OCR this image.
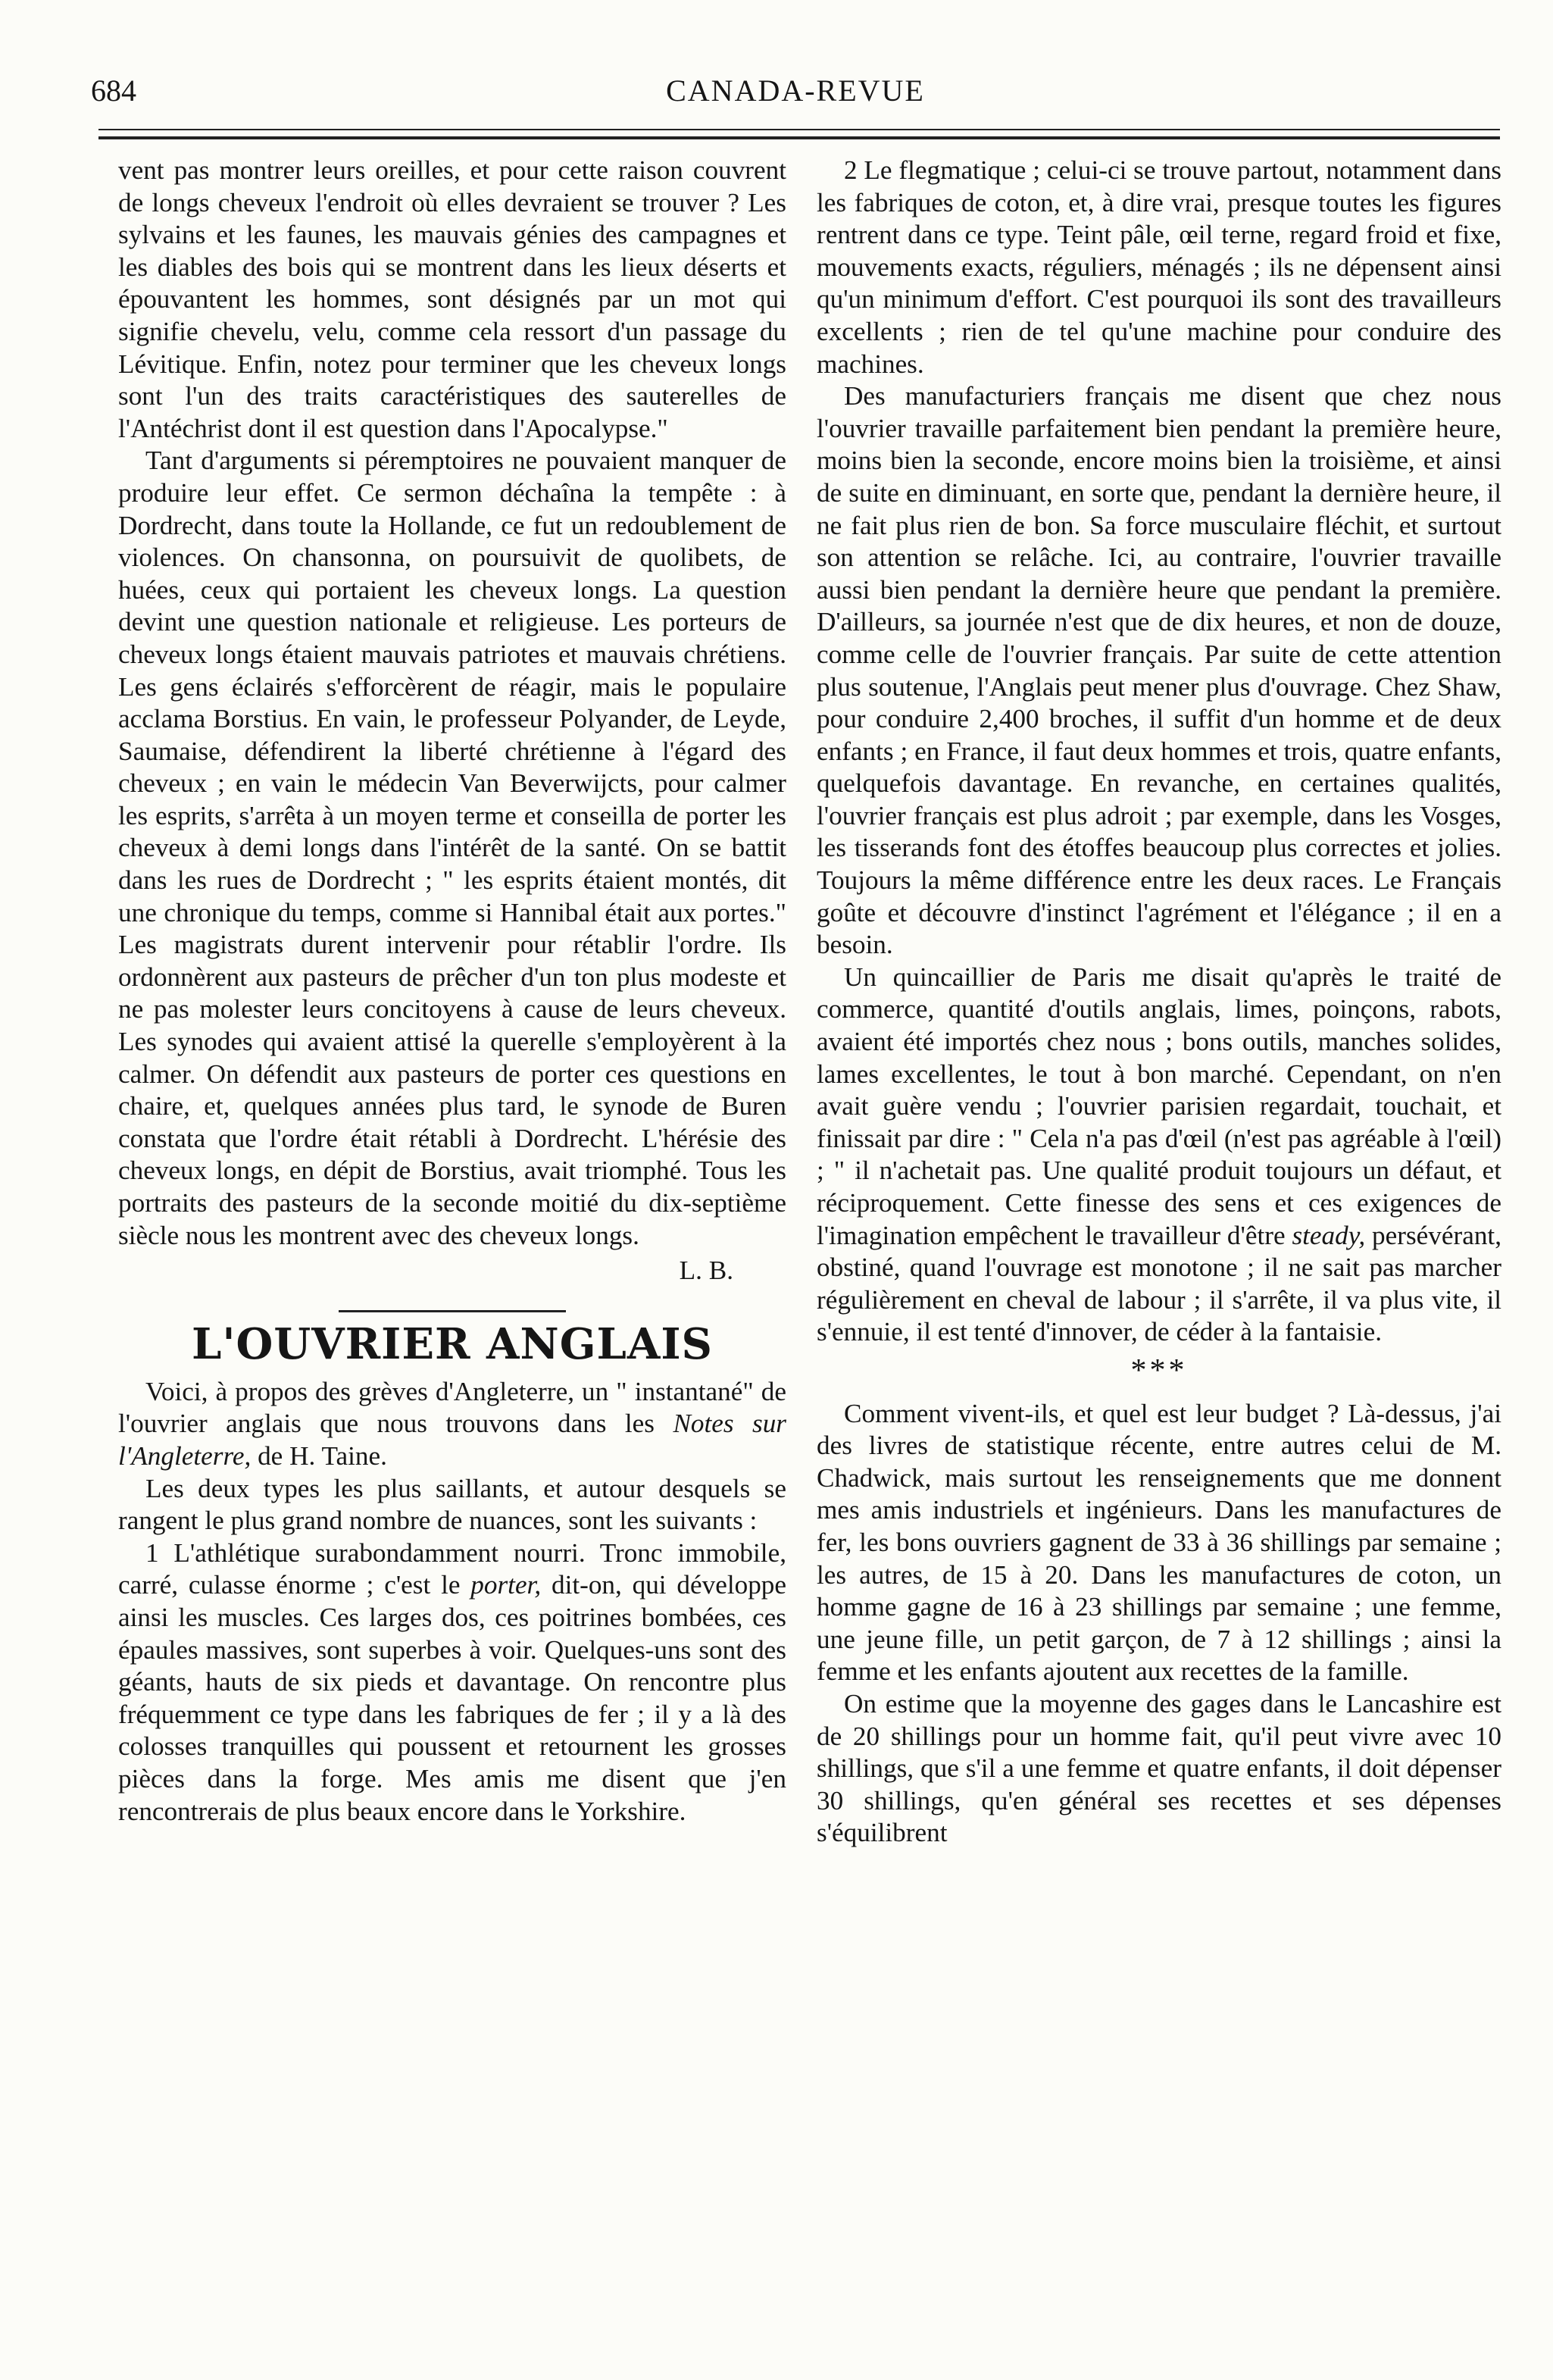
684	CANADA-REVUE

vent pas montrer leurs oreilles, et pour cette raison couvrent de longs cheveux l'endroit où elles devraient se trouver ? Les sylvains et les faunes, les mauvais génies des campagnes et les diables des bois qui se montrent dans les lieux déserts et épouvantent les hommes, sont désignés par un mot qui signifie chevelu, velu, comme cela ressort d'un passage du Lévitique. Enfin, notez pour terminer que les cheveux longs sont l'un des traits caractéristiques des sauterelles de l'Antéchrist dont il est question dans l'Apocalypse."

Tant d'arguments si péremptoires ne pouvaient manquer de produire leur effet. Ce sermon déchaîna la tempête : à Dordrecht, dans toute la Hollande, ce fut un redoublement de violences. On chansonna, on poursuivit de quolibets, de huées, ceux qui portaient les cheveux longs. La question devint une question nationale et religieuse. Les porteurs de cheveux longs étaient mauvais patriotes et mauvais chrétiens. Les gens éclairés s'efforcèrent de réagir, mais le populaire acclama Borstius. En vain, le professeur Polyander, de Leyde, Saumaise, défendirent la liberté chrétienne à l'égard des cheveux ; en vain le médecin Van Beverwijcts, pour calmer les esprits, s'arrêta à un moyen terme et conseilla de porter les cheveux à demi longs dans l'intérêt de la santé. On se battit dans les rues de Dordrecht ; " les esprits étaient montés, dit une chronique du temps, comme si Hannibal était aux portes." Les magistrats durent intervenir pour rétablir l'ordre. Ils ordonnèrent aux pasteurs de prêcher d'un ton plus modeste et ne pas molester leurs concitoyens à cause de leurs cheveux. Les synodes qui avaient attisé la querelle s'employèrent à la calmer. On défendit aux pasteurs de porter ces questions en chaire, et, quelques années plus tard, le synode de Buren constata que l'ordre était rétabli à Dordrecht. L'hérésie des cheveux longs, en dépit de Borstius, avait triomphé. Tous les portraits des pasteurs de la seconde moitié du dix-septième siècle nous les montrent avec des cheveux longs.

L. B.

L'OUVRIER ANGLAIS

Voici, à propos des grèves d'Angleterre, un " instantané" de l'ouvrier anglais que nous trouvons dans les Notes sur l'Angleterre, de H. Taine.

Les deux types les plus saillants, et autour desquels se rangent le plus grand nombre de nuances, sont les suivants :

1 L'athlétique surabondamment nourri. Tronc immobile, carré, culasse énorme ; c'est le porter, dit-on, qui développe ainsi les muscles. Ces larges dos, ces poitrines bombées, ces épaules massives, sont superbes à voir. Quelques-uns sont des géants, hauts de six pieds et davantage. On rencontre plus fréquemment ce type dans les fabriques de fer ; il y a là des colosses tranquilles qui poussent et retournent les grosses pièces dans la forge. Mes amis me disent que j'en rencontrerais de plus beaux encore dans le Yorkshire.

2 Le flegmatique ; celui-ci se trouve partout, notamment dans les fabriques de coton, et, à dire vrai, presque toutes les figures rentrent dans ce type. Teint pâle, œil terne, regard froid et fixe, mouvements exacts, réguliers, ménagés ; ils ne dépensent ainsi qu'un minimum d'effort. C'est pourquoi ils sont des travailleurs excellents ; rien de tel qu'une machine pour conduire des machines.

Des manufacturiers français me disent que chez nous l'ouvrier travaille parfaitement bien pendant la première heure, moins bien la seconde, encore moins bien la troisième, et ainsi de suite en diminuant, en sorte que, pendant la dernière heure, il ne fait plus rien de bon. Sa force musculaire fléchit, et surtout son attention se relâche. Ici, au contraire, l'ouvrier travaille aussi bien pendant la dernière heure que pendant la première. D'ailleurs, sa journée n'est que de dix heures, et non de douze, comme celle de l'ouvrier français. Par suite de cette attention plus soutenue, l'Anglais peut mener plus d'ouvrage. Chez Shaw, pour conduire 2,400 broches, il suffit d'un homme et de deux enfants ; en France, il faut deux hommes et trois, quatre enfants, quelquefois davantage. En revanche, en certaines qualités, l'ouvrier français est plus adroit ; par exemple, dans les Vosges, les tisserands font des étoffes beaucoup plus correctes et jolies. Toujours la même différence entre les deux races. Le Français goûte et découvre d'instinct l'agrément et l'élégance ; il en a besoin.

Un quincaillier de Paris me disait qu'après le traité de commerce, quantité d'outils anglais, limes, poinçons, rabots, avaient été importés chez nous ; bons outils, manches solides, lames excellentes, le tout à bon marché. Cependant, on n'en avait guère vendu ; l'ouvrier parisien regardait, touchait, et finissait par dire : " Cela n'a pas d'œil (n'est pas agréable à l'œil) ; " il n'achetait pas. Une qualité produit toujours un défaut, et réciproquement. Cette finesse des sens et ces exigences de l'imagination empêchent le travailleur d'être steady, persévérant, obstiné, quand l'ouvrage est monotone ; il ne sait pas marcher régulièrement en cheval de labour ; il s'arrête, il va plus vite, il s'ennuie, il est tenté d'innover, de céder à la fantaisie.

***

Comment vivent-ils, et quel est leur budget ? Là-dessus, j'ai des livres de statistique récente, entre autres celui de M. Chadwick, mais surtout les renseignements que me donnent mes amis industriels et ingénieurs. Dans les manufactures de fer, les bons ouvriers gagnent de 33 à 36 shillings par semaine ; les autres, de 15 à 20. Dans les manufactures de coton, un homme gagne de 16 à 23 shillings par semaine ; une femme, une jeune fille, un petit garçon, de 7 à 12 shillings ; ainsi la femme et les enfants ajoutent aux recettes de la famille.

On estime que la moyenne des gages dans le Lancashire est de 20 shillings pour un homme fait, qu'il peut vivre avec 10 shillings, que s'il a une femme et quatre enfants, il doit dépenser 30 shillings, qu'en général ses recettes et ses dépenses s'équilibrent
